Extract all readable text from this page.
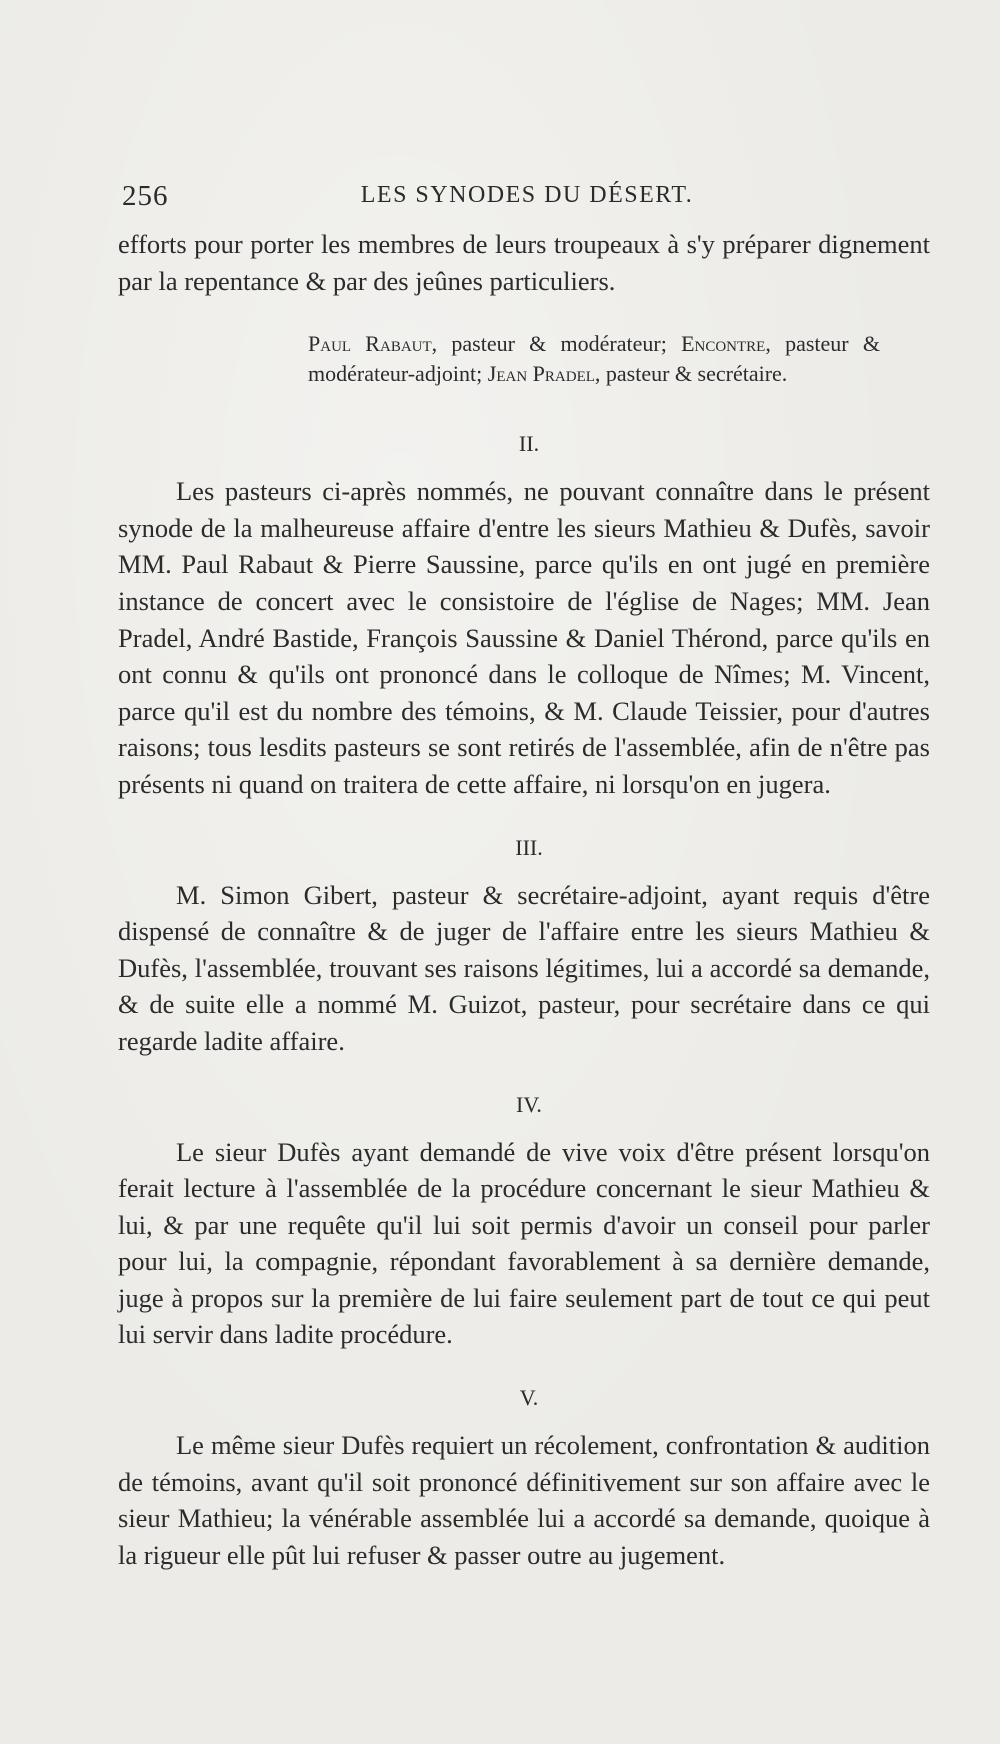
256	LES SYNODES DU DÉSERT.

efforts pour porter les membres de leurs troupeaux à s'y préparer dignement par la repentance & par des jeûnes particuliers.

Paul Rabaut, pasteur & modérateur; Encontre, pasteur & modérateur-adjoint; Jean Pradel, pasteur & secrétaire.

II.

Les pasteurs ci-après nommés, ne pouvant connaître dans le présent synode de la malheureuse affaire d'entre les sieurs Mathieu & Dufès, savoir MM. Paul Rabaut & Pierre Saussine, parce qu'ils en ont jugé en première instance de concert avec le consistoire de l'église de Nages; MM. Jean Pradel, André Bastide, François Saussine & Daniel Thérond, parce qu'ils en ont connu & qu'ils ont prononcé dans le colloque de Nîmes; M. Vincent, parce qu'il est du nombre des témoins, & M. Claude Teissier, pour d'autres raisons; tous lesdits pasteurs se sont retirés de l'assemblée, afin de n'être pas présents ni quand on traitera de cette affaire, ni lorsqu'on en jugera.

III.

M. Simon Gibert, pasteur & secrétaire-adjoint, ayant requis d'être dispensé de connaître & de juger de l'affaire entre les sieurs Mathieu & Dufès, l'assemblée, trouvant ses raisons légitimes, lui a accordé sa demande, & de suite elle a nommé M. Guizot, pasteur, pour secrétaire dans ce qui regarde ladite affaire.

IV.

Le sieur Dufès ayant demandé de vive voix d'être présent lorsqu'on ferait lecture à l'assemblée de la procédure concernant le sieur Mathieu & lui, & par une requête qu'il lui soit permis d'avoir un conseil pour parler pour lui, la compagnie, répondant favorablement à sa dernière demande, juge à propos sur la première de lui faire seulement part de tout ce qui peut lui servir dans ladite procédure.

V.

Le même sieur Dufès requiert un récolement, confrontation & audition de témoins, avant qu'il soit prononcé définitivement sur son affaire avec le sieur Mathieu; la vénérable assemblée lui a accordé sa demande, quoique à la rigueur elle pût lui refuser & passer outre au jugement.
